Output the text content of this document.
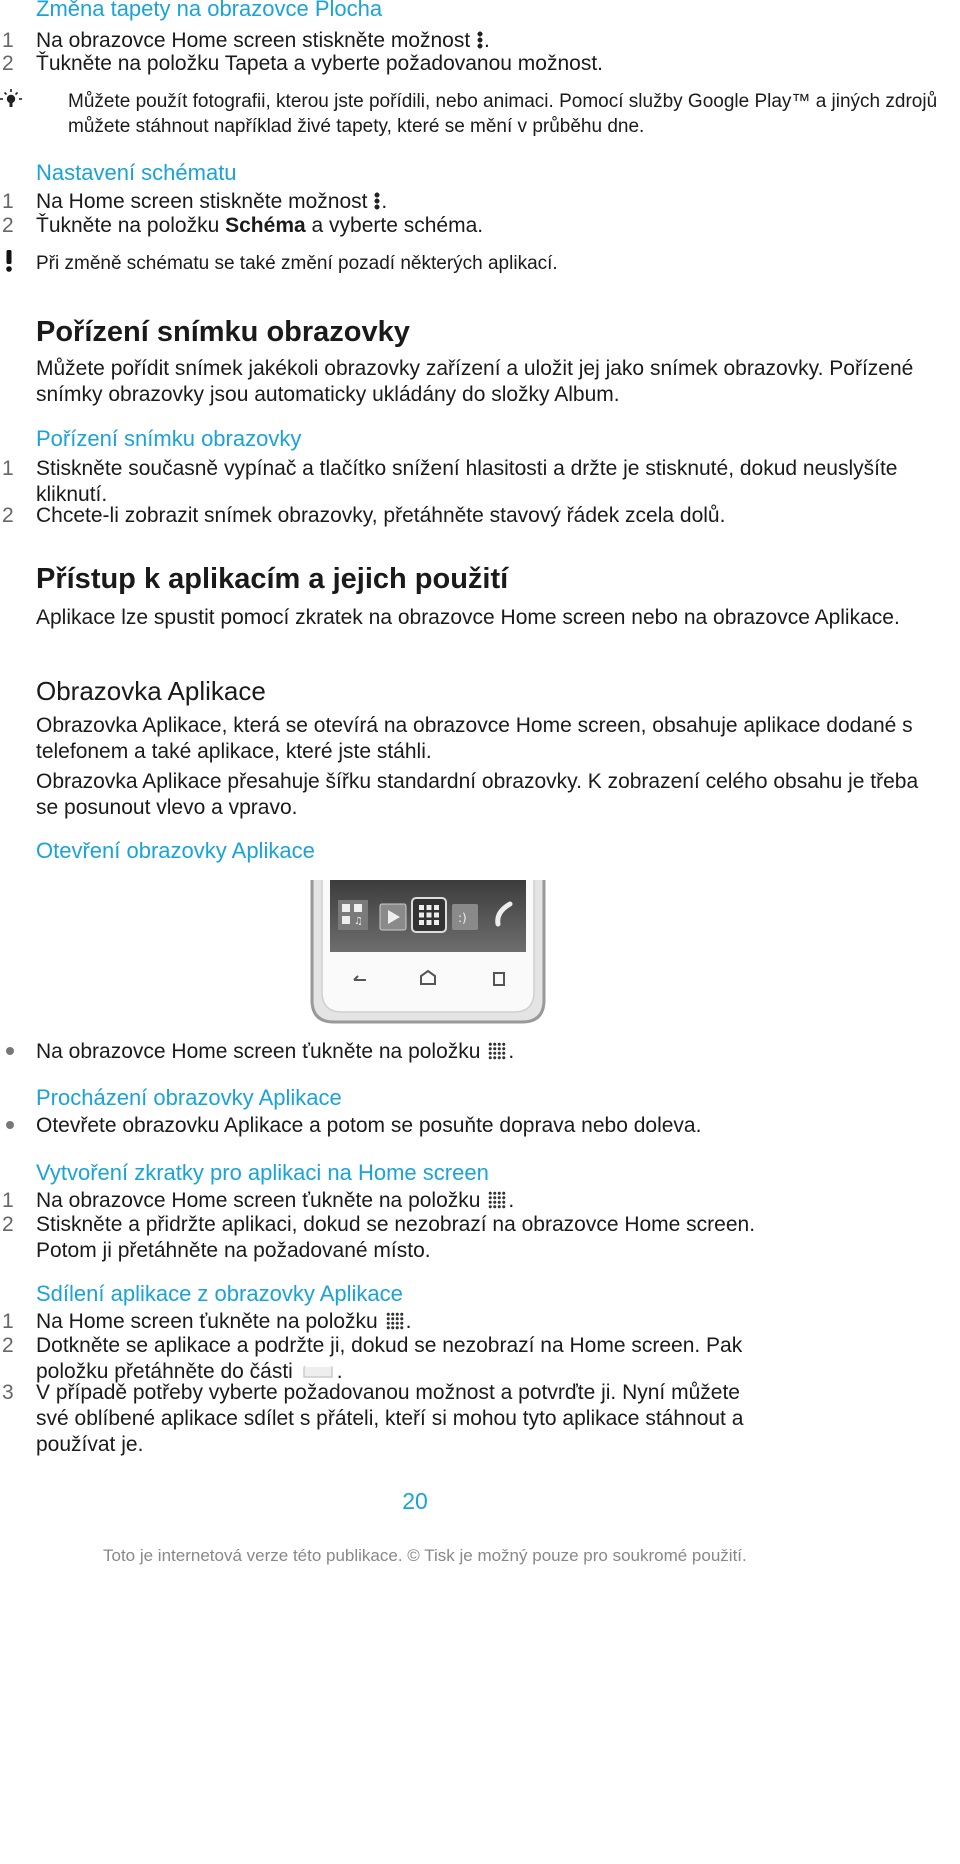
Změna tapety na obrazovce Plocha
1 Na obrazovce Home screen stiskněte možnost .
2 Ťukněte na položku Tapeta a vyberte požadovanou možnost.
Můžete použít fotografii, kterou jste pořídili, nebo animaci. Pomocí služby Google Play™ a jiných zdrojů můžete stáhnout například živé tapety, které se mění v průběhu dne.
Nastavení schématu
1 Na Home screen stiskněte možnost .
2 Ťukněte na položku Schéma a vyberte schéma.
Při změně schématu se také změní pozadí některých aplikací.
Pořízení snímku obrazovky
Můžete pořídit snímek jakékoli obrazovky zařízení a uložit jej jako snímek obrazovky. Pořízené snímky obrazovky jsou automaticky ukládány do složky Album.
Pořízení snímku obrazovky
1 Stiskněte současně vypínač a tlačítko snížení hlasitosti a držte je stisknuté, dokud neuslyšíte kliknutí.
2 Chcete-li zobrazit snímek obrazovky, přetáhněte stavový řádek zcela dolů.
Přístup k aplikacím a jejich použití
Aplikace lze spustit pomocí zkratek na obrazovce Home screen nebo na obrazovce Aplikace.
Obrazovka Aplikace
Obrazovka Aplikace, která se otevírá na obrazovce Home screen, obsahuje aplikace dodané s telefonem a také aplikace, které jste stáhli.
Obrazovka Aplikace přesahuje šířku standardní obrazovky. K zobrazení celého obsahu je třeba se posunout vlevo a vpravo.
Otevření obrazovky Aplikace
♫	:)
Na obrazovce Home screen ťukněte na položku .
Procházení obrazovky Aplikace
Otevřete obrazovku Aplikace a potom se posuňte doprava nebo doleva.
Vytvoření zkratky pro aplikaci na Home screen
1 Na obrazovce Home screen ťukněte na položku .
2 Stiskněte a přidržte aplikaci, dokud se nezobrazí na obrazovce Home screen. Potom ji přetáhněte na požadované místo.
Sdílení aplikace z obrazovky Aplikace
1 Na Home screen ťukněte na položku .
2 Dotkněte se aplikace a podržte ji, dokud se nezobrazí na Home screen. Pak položku přetáhněte do části .
3 V případě potřeby vyberte požadovanou možnost a potvrďte ji. Nyní můžete své oblíbené aplikace sdílet s přáteli, kteří si mohou tyto aplikace stáhnout a používat je.
20
Toto je internetová verze této publikace. © Tisk je možný pouze pro soukromé použití.
